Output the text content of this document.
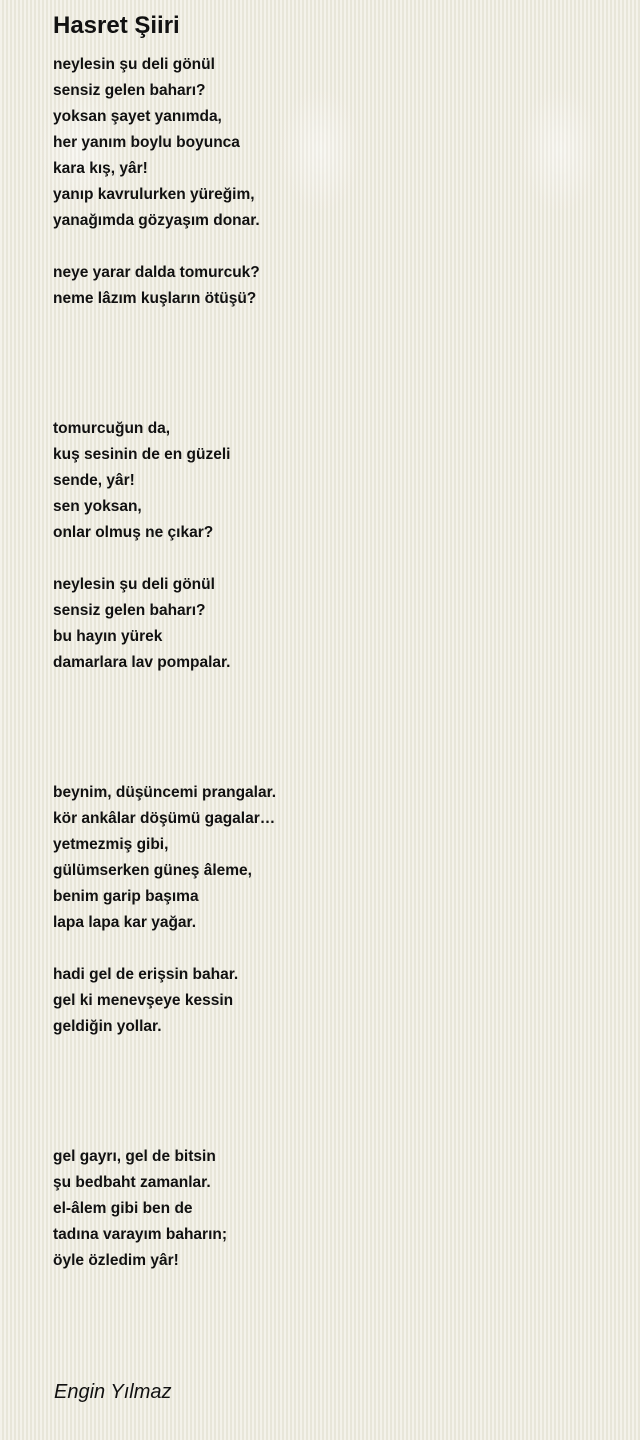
Hasret Şiiri
neylesin şu deli gönül
sensiz gelen baharı?
yoksan şayet yanımda,
her yanım boylu boyunca
kara kış, yâr!
yanıp kavrulurken yüreğim,
yanağımda gözyaşım donar.
neye yarar dalda tomurcuk?
neme lâzım kuşların ötüşü?
tomurcuğun da,
kuş sesinin de en güzeli
sende, yâr!
sen yoksan,
onlar olmuş ne çıkar?
neylesin şu deli gönül
sensiz gelen baharı?
bu hayın yürek
damarlara lav pompalar.
beynim, düşüncemi prangalar.
kör ankâlar döşümü gagalar…
yetmezmiş gibi,
gülümserken güneş âleme,
benim garip başıma
lapa lapa kar yağar.
hadi gel de erişsin bahar.
gel ki menevşeye kessin
geldiğin yollar.
gel gayrı, gel de bitsin
şu bedbaht zamanlar.
el-âlem gibi ben de
tadına varayım baharın;
öyle özledim yâr!
Engin Yılmaz
